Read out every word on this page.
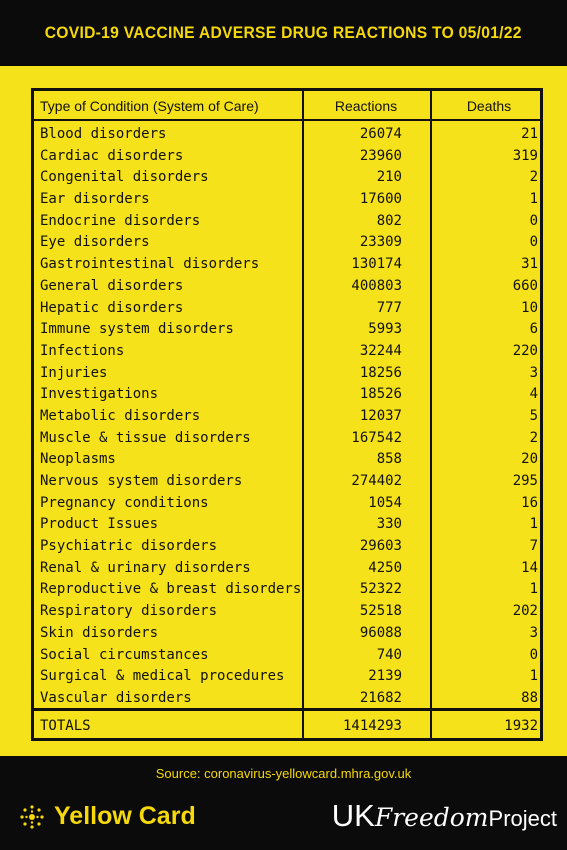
COVID-19 VACCINE ADVERSE DRUG REACTIONS TO 05/01/22
Type of Condition (System of Care)	Reactions	Deaths
Blood disorders	26074	21
Cardiac disorders	23960	319
Congenital disorders	210	2
Ear disorders	17600	1
Endocrine disorders	802	0
Eye disorders	23309	0
Gastrointestinal disorders	130174	31
General disorders	400803	660
Hepatic disorders	777	10
Immune system disorders	5993	6
Infections	32244	220
Injuries	18256	3
Investigations	18526	4
Metabolic disorders	12037	5
Muscle & tissue disorders	167542	2
Neoplasms	858	20
Nervous system disorders	274402	295
Pregnancy conditions	1054	16
Product Issues	330	1
Psychiatric disorders	29603	7
Renal & urinary disorders	4250	14
Reproductive & breast disorders	52322	1
Respiratory disorders	52518	202
Skin disorders	96088	3
Social circumstances	740	0
Surgical & medical procedures	2139	1
Vascular disorders	21682	88
TOTALS	1414293	1932
Source: coronavirus-yellowcard.mhra.gov.uk
Yellow Card	UK Freedom Project
